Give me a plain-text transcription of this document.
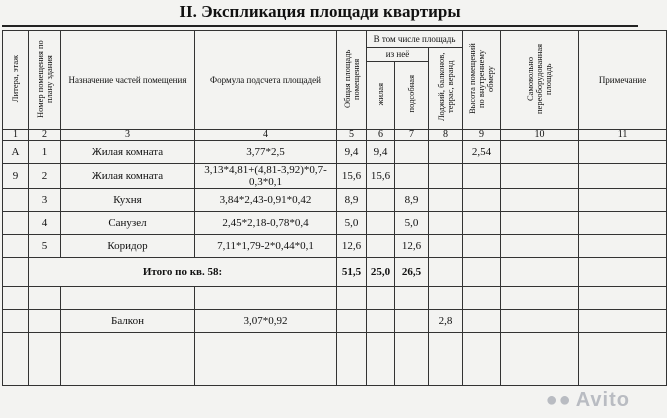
II. Экспликация площади квартиры
Литера, этаж	Номер помещения по плану здания	Назначение частей помещения	Формула подсчета площадей	Общая площадь помещения	В том числе площадь			Высота помещений по внутреннему обмеру	Самовольно переоборудованная площадь	Примечание
					из неё		Лоджий, балконов, террас, веранд			
					жилая	подсобная				
1	2	3	4	5	6	7	8	9	10	11
А	1	Жилая комната	3,77*2,5	9,4	9,4			2,54		
9	2	Жилая комната	3,13*4,81+(4,81-3,92)*0,7-0,3*0,1	15,6	15,6					
	3	Кухня	3,84*2,43-0,91*0,42	8,9		8,9				
	4	Санузел	2,45*2,18-0,78*0,4	5,0		5,0				
	5	Коридор	7,11*1,79-2*0,44*0,1	12,6		12,6				
	Итого по кв. 58:			51,5	25,0	26,5				

		Балкон	3,07*0,92				2,8			

●● Avito
